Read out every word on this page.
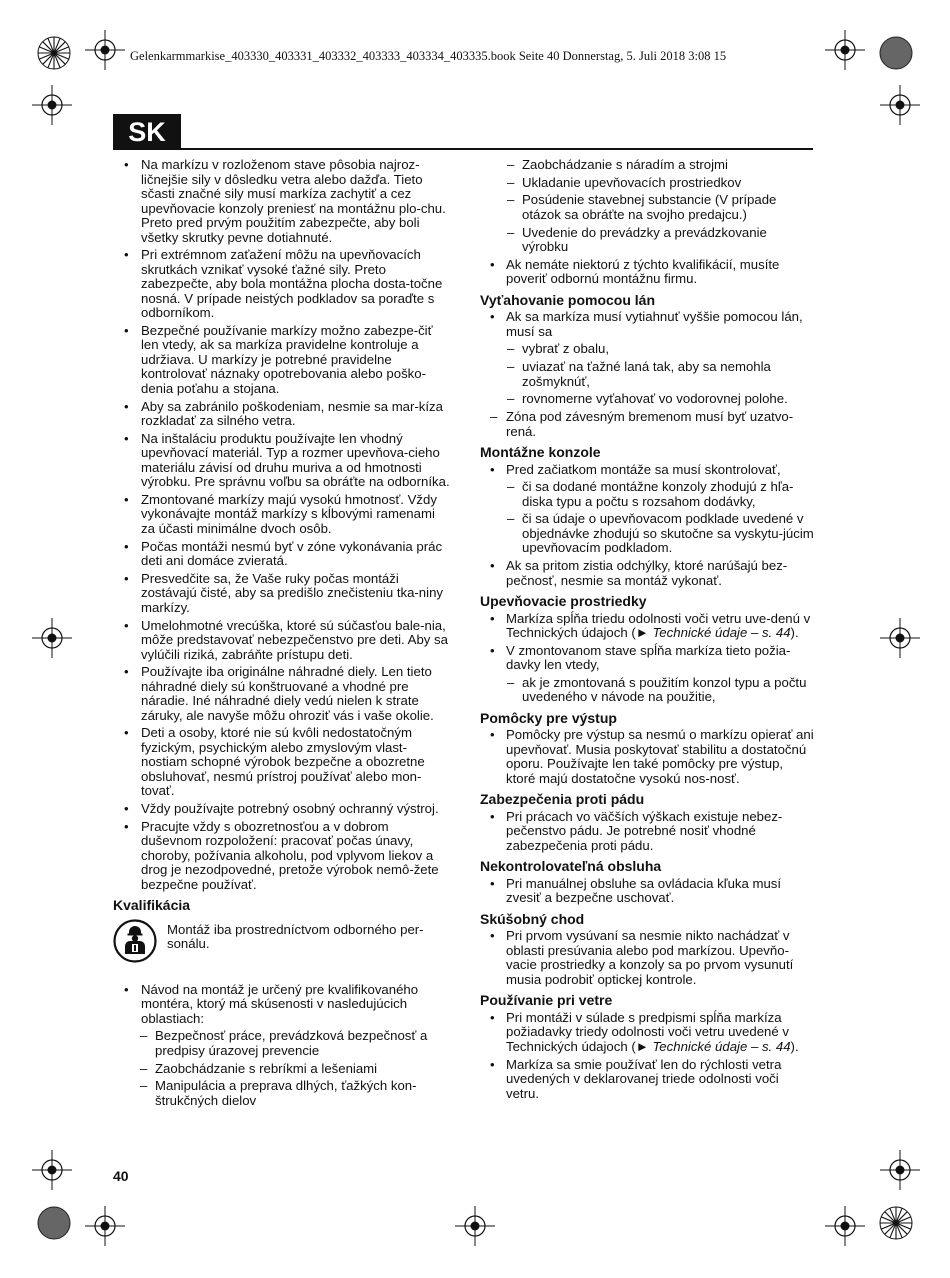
Gelenkarmmarkise_403330_403331_403332_403333_403334_403335.book Seite 40 Donnerstag, 5. Juli 2018 3:08 15
SK
• Na markízu v rozloženom stave pôsobia najroz-ličnejšie sily v dôsledku vetra alebo dažďa. Tieto sčasti značné sily musí markíza zachytiť a cez upevňovacie konzoly preniesť na montážnu plo-chu. Preto pred prvým použitím zabezpečte, aby boli všetky skrutky pevne dotiahnuté.
• Pri extrémnom zaťažení môžu na upevňovacích skrutkách vznikať vysoké ťažné sily. Preto zabezpečte, aby bola montážna plocha dosta-točne nosná. V prípade neistých podkladov sa poraďte s odborníkom.
• Bezpečné používanie markízy možno zabezpe-čiť len vtedy, ak sa markíza pravidelne kontroluje a udržiava. U markízy je potrebné pravidelne kontrolovať náznaky opotrebovania alebo poško-denia poťahu a stojana.
• Aby sa zabránilo poškodeniam, nesmie sa mar-kíza rozkladať za silného vetra.
• Na inštaláciu produktu používajte len vhodný upevňovací materiál. Typ a rozmer upevňova-cieho materiálu závisí od druhu muriva a od hmotnosti výrobku. Pre správnu voľbu sa obráťte na odborníka.
• Zmontované markízy majú vysokú hmotnosť. Vždy vykonávajte montáž markízy s kĺbovými ramenami za účasti minimálne dvoch osôb.
• Počas montáži nesmú byť v zóne vykonávania prác deti ani domáce zvieratá.
• Presvedčite sa, že Vaše ruky počas montáži zostávajú čisté, aby sa predišlo znečisteniu tka-niny markízy.
• Umelohmotné vrecúška, ktoré sú súčasťou bale-nia, môže predstavovať nebezpečenstvo pre deti. Aby sa vylúčili riziká, zabráňte prístupu deti.
• Používajte iba originálne náhradné diely. Len tieto náhradné diely sú konštruované a vhodné pre náradie. Iné náhradné diely vedú nielen k strate záruky, ale navyše môžu ohroziť vás i vaše okolie.
• Deti a osoby, ktoré nie sú kvôli nedostatočným fyzickým, psychickým alebo zmyslovým vlast-nostiam schopné výrobok bezpečne a obozretne obsluhovať, nesmú prístroj používať alebo mon-tovať.
• Vždy používajte potrebný osobný ochranný výstroj.
• Pracujte vždy s obozretnosťou a v dobrom duševnom rozpoložení: pracovať počas únavy, choroby, požívania alkoholu, pod vplyvom liekov a drog je nezodpovedné, pretože výrobok nemô-žete bezpečne používať.
Kvalifikácia
Montáž iba prostredníctvom odborného per-sonálu.
• Návod na montáž je určený pre kvalifikovaného montéra, ktorý má skúsenosti v nasledujúcich oblastiach:
– Bezpečnosť práce, prevádzková bezpečnosť a predpisy úrazovej prevencie
– Zaobchádzanie s rebríkmi a lešeniami
– Manipulácia a preprava dlhých, ťažkých kon-štrukčných dielov
– Zaobchádzanie s náradím a strojmi
– Ukladanie upevňovacích prostriedkov
– Posúdenie stavebnej substancie (V prípade otázok sa obráťte na svojho predajcu.)
– Uvedenie do prevádzky a prevádzkovanie výrobku
• Ak nemáte niektorú z týchto kvalifikácií, musíte poveriť odbornú montážnu firmu.
Vyťahovanie pomocou lán
• Ak sa markíza musí vytiahnuť vyššie pomocou lán, musí sa
– vybrať z obalu,
– uviazať na ťažné laná tak, aby sa nemohla zošmyknúť,
– rovnomerne vyťahovať vo vodorovnej polohe.
– Zóna pod závesným bremenom musí byť uzatvo-rená.
Montážne konzole
• Pred začiatkom montáže sa musí skontrolovať,
– či sa dodané montážne konzoly zhodujú z hľa-diska typu a počtu s rozsahom dodávky,
– či sa údaje o upevňovacom podklade uvedené v objednávke zhodujú so skutočne sa vyskytu-júcim upevňovacím podkladom.
• Ak sa pritom zistia odchýlky, ktoré narúšajú bez-pečnosť, nesmie sa montáž vykonať.
Upevňovacie prostriedky
• Markíza spĺňa triedu odolnosti voči vetru uve-denú v Technických údajoch (► Technické údaje – s. 44).
• V zmontovanom stave spĺňa markíza tieto požia-davky len vtedy,
– ak je zmontovaná s použitím konzol typu a počtu uvedeného v návode na použitie,
Pomôcky pre výstup
• Pomôcky pre výstup sa nesmú o markízu opierať ani upevňovať. Musia poskytovať stabilitu a dostatočnú oporu. Používajte len také pomôcky pre výstup, ktoré majú dostatočne vysokú nos-nosť.
Zabezpečenia proti pádu
• Pri prácach vo väčších výškach existuje nebez-pečenstvo pádu. Je potrebné nosiť vhodné zabezpečenia proti pádu.
Nekontrolovateľná obsluha
• Pri manuálnej obsluhe sa ovládacia kľuka musí zvesiť a bezpečne uschovať.
Skúšobný chod
• Pri prvom vysúvaní sa nesmie nikto nachádzať v oblasti presúvania alebo pod markízou. Upevňo-vacie prostriedky a konzoly sa po prvom vysunutí musia podrobiť optickej kontrole.
Používanie pri vetre
• Pri montáži v súlade s predpismi spĺňa markíza požiadavky triedy odolnosti voči vetru uvedené v Technických údajoch (► Technické údaje – s. 44).
• Markíza sa smie používať len do rýchlosti vetra uvedených v deklarovanej triede odolnosti voči vetru.
40
